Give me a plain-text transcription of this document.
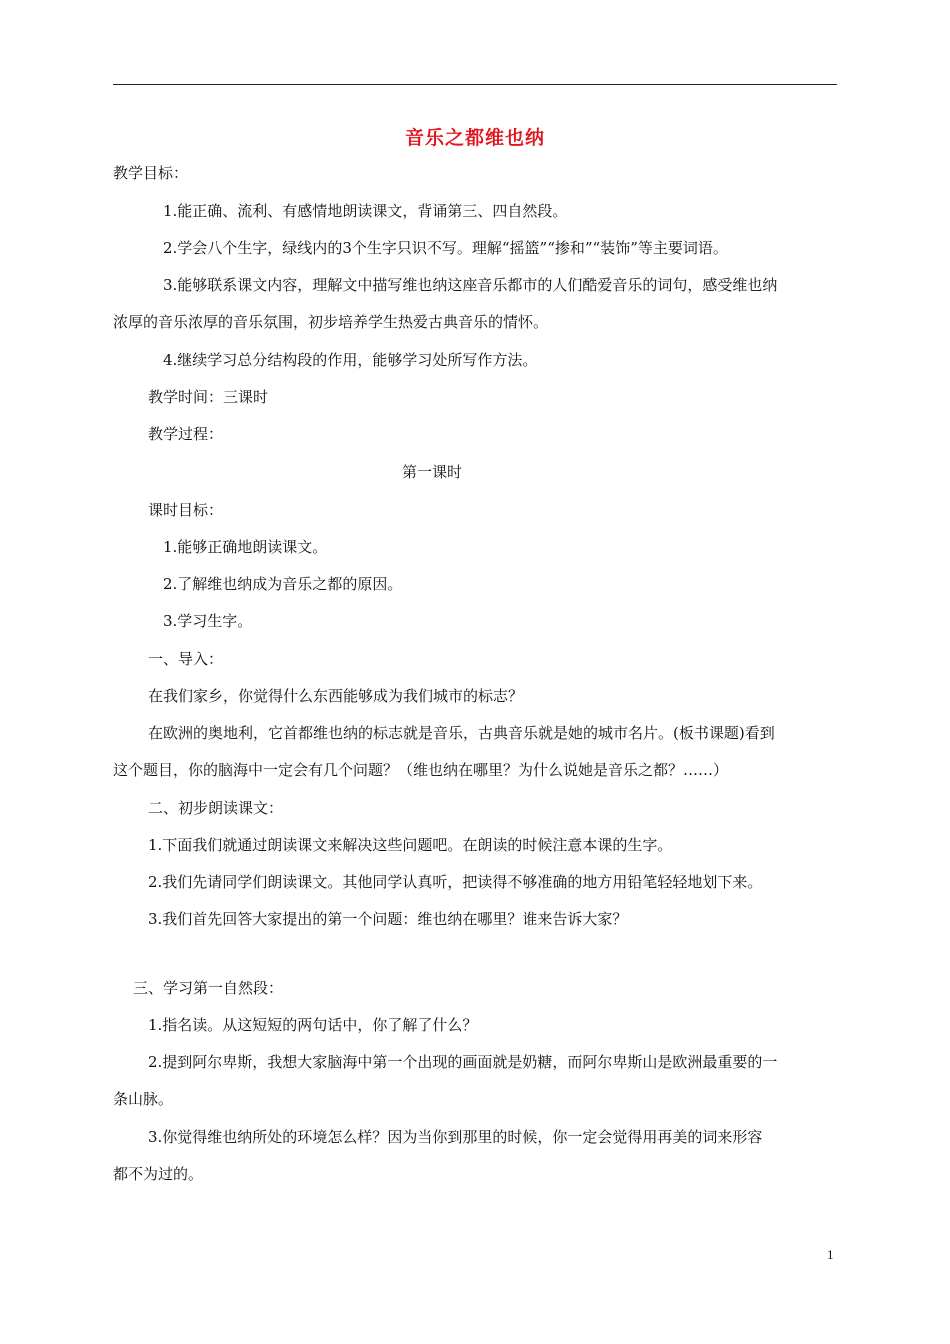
音乐之都维也纳
教学目标：
1.能正确、流利、有感情地朗读课文，背诵第三、四自然段。
2.学会八个生字，绿线内的3个生字只识不写。理解“摇篮”“掺和”“装饰”等主要词语。
3.能够联系课文内容，理解文中描写维也纳这座音乐都市的人们酷爱音乐的词句，感受维也纳
浓厚的音乐浓厚的音乐氛围，初步培养学生热爱古典音乐的情怀。
4.继续学习总分结构段的作用，能够学习处所写作方法。
教学时间：三课时
教学过程：
第一课时
课时目标：
1.能够正确地朗读课文。
2.了解维也纳成为音乐之都的原因。
3.学习生字。
一、导入：
在我们家乡，你觉得什么东西能够成为我们城市的标志？
在欧洲的奥地利，它首都维也纳的标志就是音乐，古典音乐就是她的城市名片。(板书课题)看到
这个题目，你的脑海中一定会有几个问题？（维也纳在哪里？为什么说她是音乐之都？……）
二、初步朗读课文：
1.下面我们就通过朗读课文来解决这些问题吧。在朗读的时候注意本课的生字。
2.我们先请同学们朗读课文。其他同学认真听，把读得不够准确的地方用铅笔轻轻地划下来。
3.我们首先回答大家提出的第一个问题：维也纳在哪里？谁来告诉大家？
三、学习第一自然段：
1.指名读。从这短短的两句话中，你了解了什么？
2.提到阿尔卑斯，我想大家脑海中第一个出现的画面就是奶糖，而阿尔卑斯山是欧洲最重要的一
条山脉。
3.你觉得维也纳所处的环境怎么样？因为当你到那里的时候，你一定会觉得用再美的词来形容
都不为过的。
1
